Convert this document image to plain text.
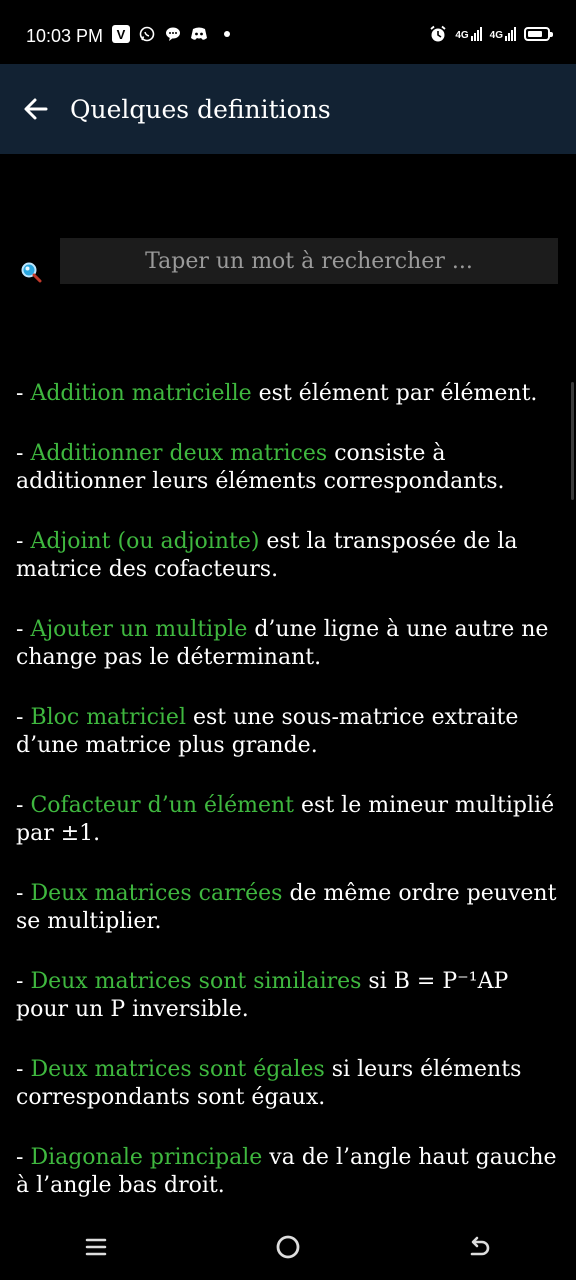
10:03 PM	V	4G 4G
Quelques definitions
Taper un mot à rechercher ...
- Addition matricielle est élément par élément.
- Additionner deux matrices consiste à additionner leurs éléments correspondants.
- Adjoint (ou adjointe) est la transposée de la matrice des cofacteurs.
- Ajouter un multiple d’une ligne à une autre ne change pas le déterminant.
- Bloc matriciel est une sous-matrice extraite d’une matrice plus grande.
- Cofacteur d’un élément est le mineur multiplié par ±1.
- Deux matrices carrées de même ordre peuvent se multiplier.
- Deux matrices sont similaires si B = P⁻¹AP pour un P inversible.
- Deux matrices sont égales si leurs éléments correspondants sont égaux.
- Diagonale principale va de l’angle haut gauche à l’angle bas droit.
